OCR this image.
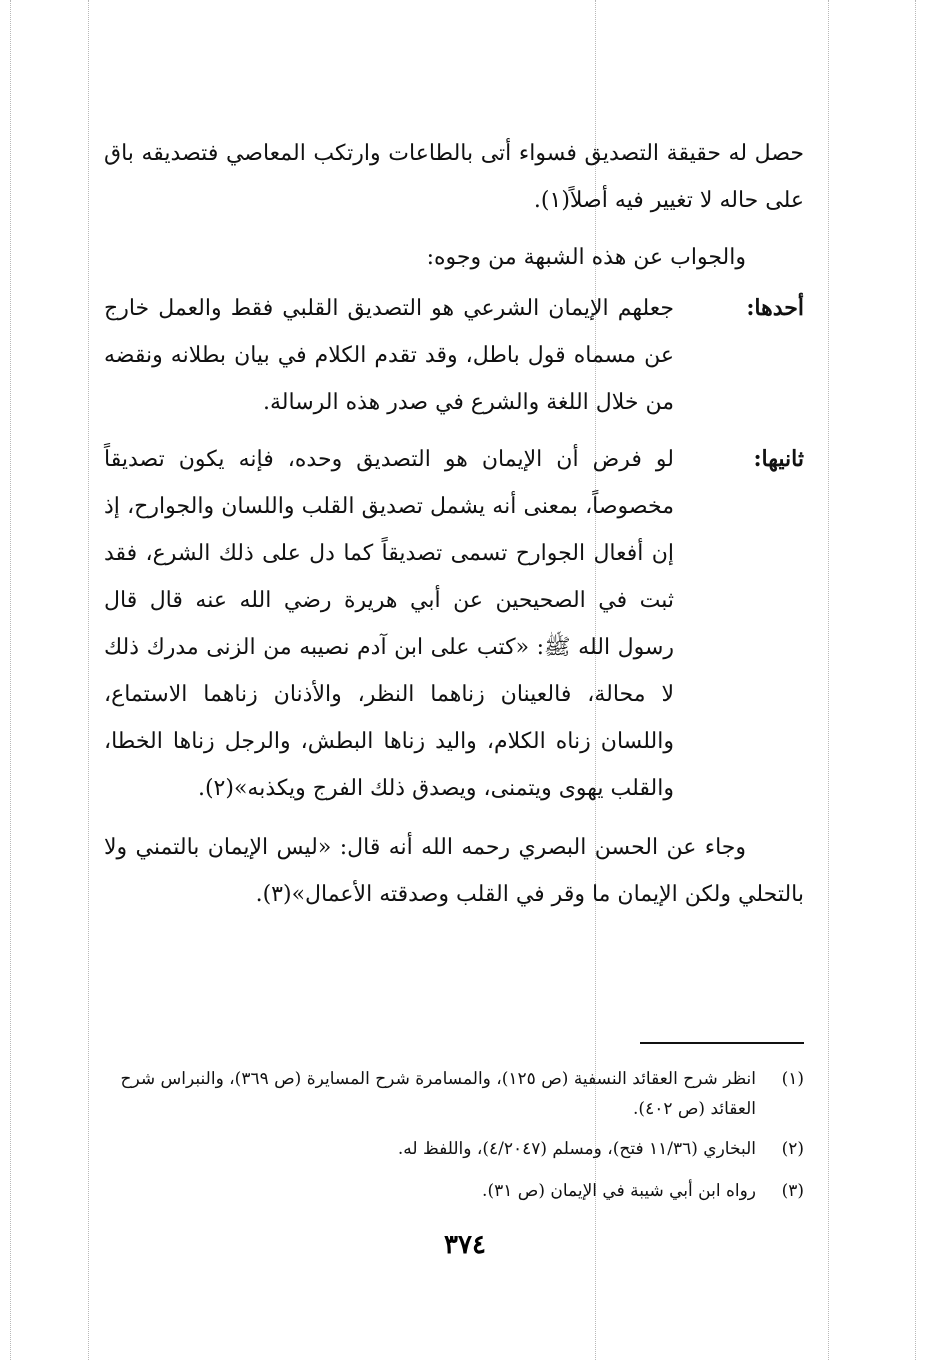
حصل له حقيقة التصديق فسواء أتى بالطاعات وارتكب المعاصي فتصديقه باق على حاله لا تغيير فيه أصلاً(١).

والجواب عن هذه الشبهة من وجوه:

أحدها:
جعلهم الإيمان الشرعي هو التصديق القلبي فقط والعمل خارج عن مسماه قول باطل، وقد تقدم الكلام في بيان بطلانه ونقضه من خلال اللغة والشرع في صدر هذه الرسالة.
ثانيها:
لو فرض أن الإيمان هو التصديق وحده، فإنه يكون تصديقاً مخصوصاً، بمعنى أنه يشمل تصديق القلب واللسان والجوارح، إذ إن أفعال الجوارح تسمى تصديقاً كما دل على ذلك الشرع، فقد ثبت في الصحيحين عن أبي هريرة رضي الله عنه قال قال رسول الله ﷺ: «كتب على ابن آدم نصيبه من الزنى مدرك ذلك لا محالة، فالعينان زناهما النظر، والأذنان زناهما الاستماع، واللسان زناه الكلام، واليد زناها البطش، والرجل زناها الخطا، والقلب يهوى ويتمنى، ويصدق ذلك الفرج ويكذبه»(٢).

وجاء عن الحسن البصري رحمه الله أنه قال: «ليس الإيمان بالتمني ولا بالتحلي ولكن الإيمان ما وقر في القلب وصدقته الأعمال»(٣).

(١)
انظر شرح العقائد النسفية (ص ١٢٥)، والمسامرة شرح المسايرة (ص ٣٦٩)، والنبراس شرح العقائد (ص ٤٠٢).
(٢)
البخاري (١١/٣٦ فتح)، ومسلم (٤/٢٠٤٧)، واللفظ له.
(٣)
رواه ابن أبي شيبة في الإيمان (ص ٣١).
٣٧٤
